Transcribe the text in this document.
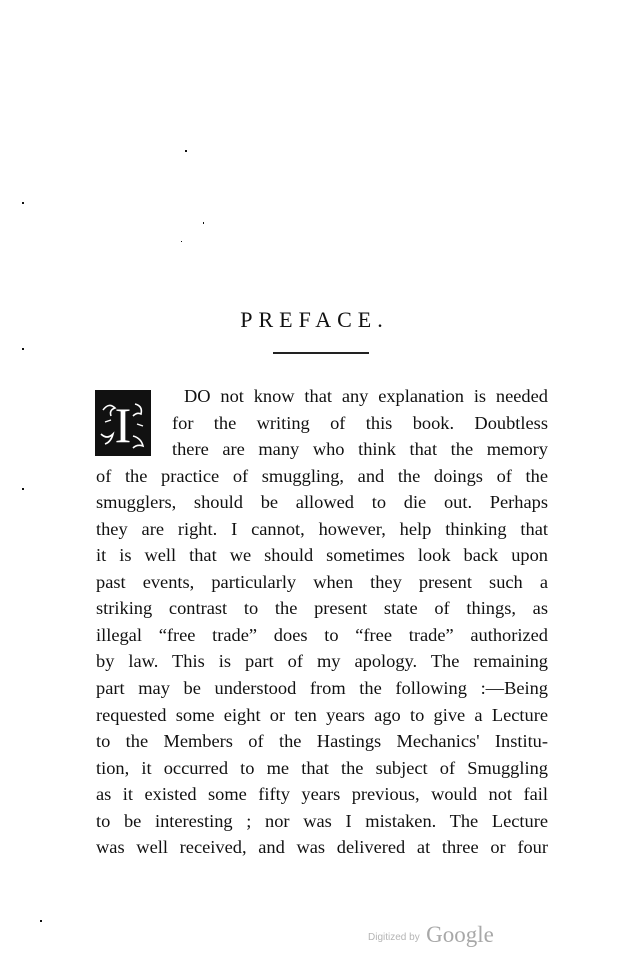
PREFACE.
I
DO not know that any explanation is needed
for the writing of this book. Doubtless
there are many who think that the memory
of the practice of smuggling, and the doings of the
smugglers, should be allowed to die out. Perhaps
they are right. I cannot, however, help thinking that
it is well that we should sometimes look back upon
past events, particularly when they present such a
striking contrast to the present state of things, as
illegal “free trade” does to “free trade” authorized
by law. This is part of my apology. The remaining
part may be understood from the following :—Being
requested some eight or ten years ago to give a Lecture
to the Members of the Hastings Mechanics' Institu-
tion, it occurred to me that the subject of Smuggling
as it existed some fifty years previous, would not fail
to be interesting ; nor was I mistaken. The Lecture
was well received, and was delivered at three or four
Digitized by Google
